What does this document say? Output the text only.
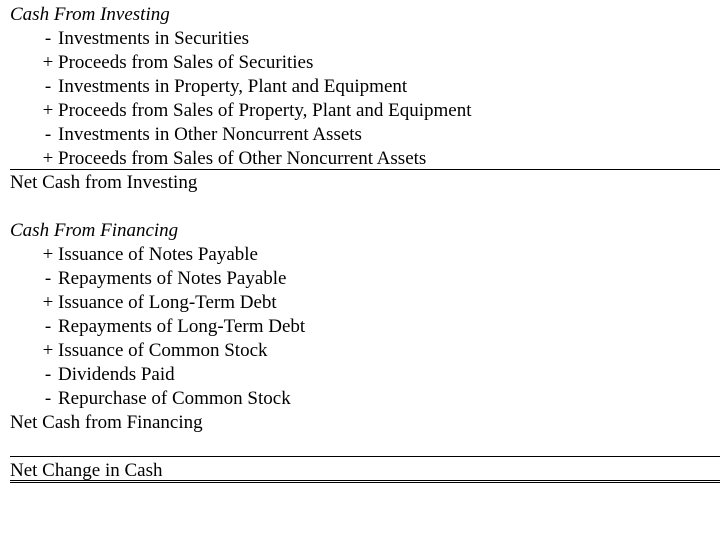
Cash From Investing
- Investments in Securities
+ Proceeds from Sales of Securities
- Investments in Property, Plant and Equipment
+ Proceeds from Sales of Property, Plant and Equipment
- Investments in Other Noncurrent Assets
+ Proceeds from Sales of Other Noncurrent Assets
Net Cash from Investing
Cash From Financing
+ Issuance of Notes Payable
- Repayments of Notes Payable
+ Issuance of Long-Term Debt
- Repayments of Long-Term Debt
+ Issuance of Common Stock
- Dividends Paid
- Repurchase of Common Stock
Net Cash from Financing
Net Change in Cash
